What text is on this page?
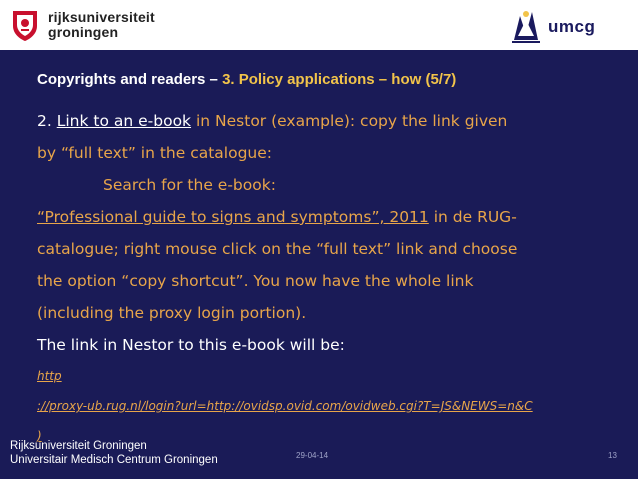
rijksuniversiteit
groningen	umcg
Copyrights and readers – 3. Policy applications – how (5/7)
2. Link to an e-book in Nestor (example): copy the link given
by “full text” in the catalogue:
Search for the e-book:
“Professional guide to signs and symptoms”, 2011 in de RUG-
catalogue; right mouse click on the “full text” link and choose
the option “copy shortcut”. You now have the whole link
(including the proxy login portion).
The link in Nestor to this e-book will be:
http
://proxy-ub.rug.nl/login?url=http://ovidsp.ovid.com/ovidweb.cgi?T=JS&NEWS=n&C
)
Rijksuniversiteit Groningen
Universitair Medisch Centrum Groningen	29-04-14	13
